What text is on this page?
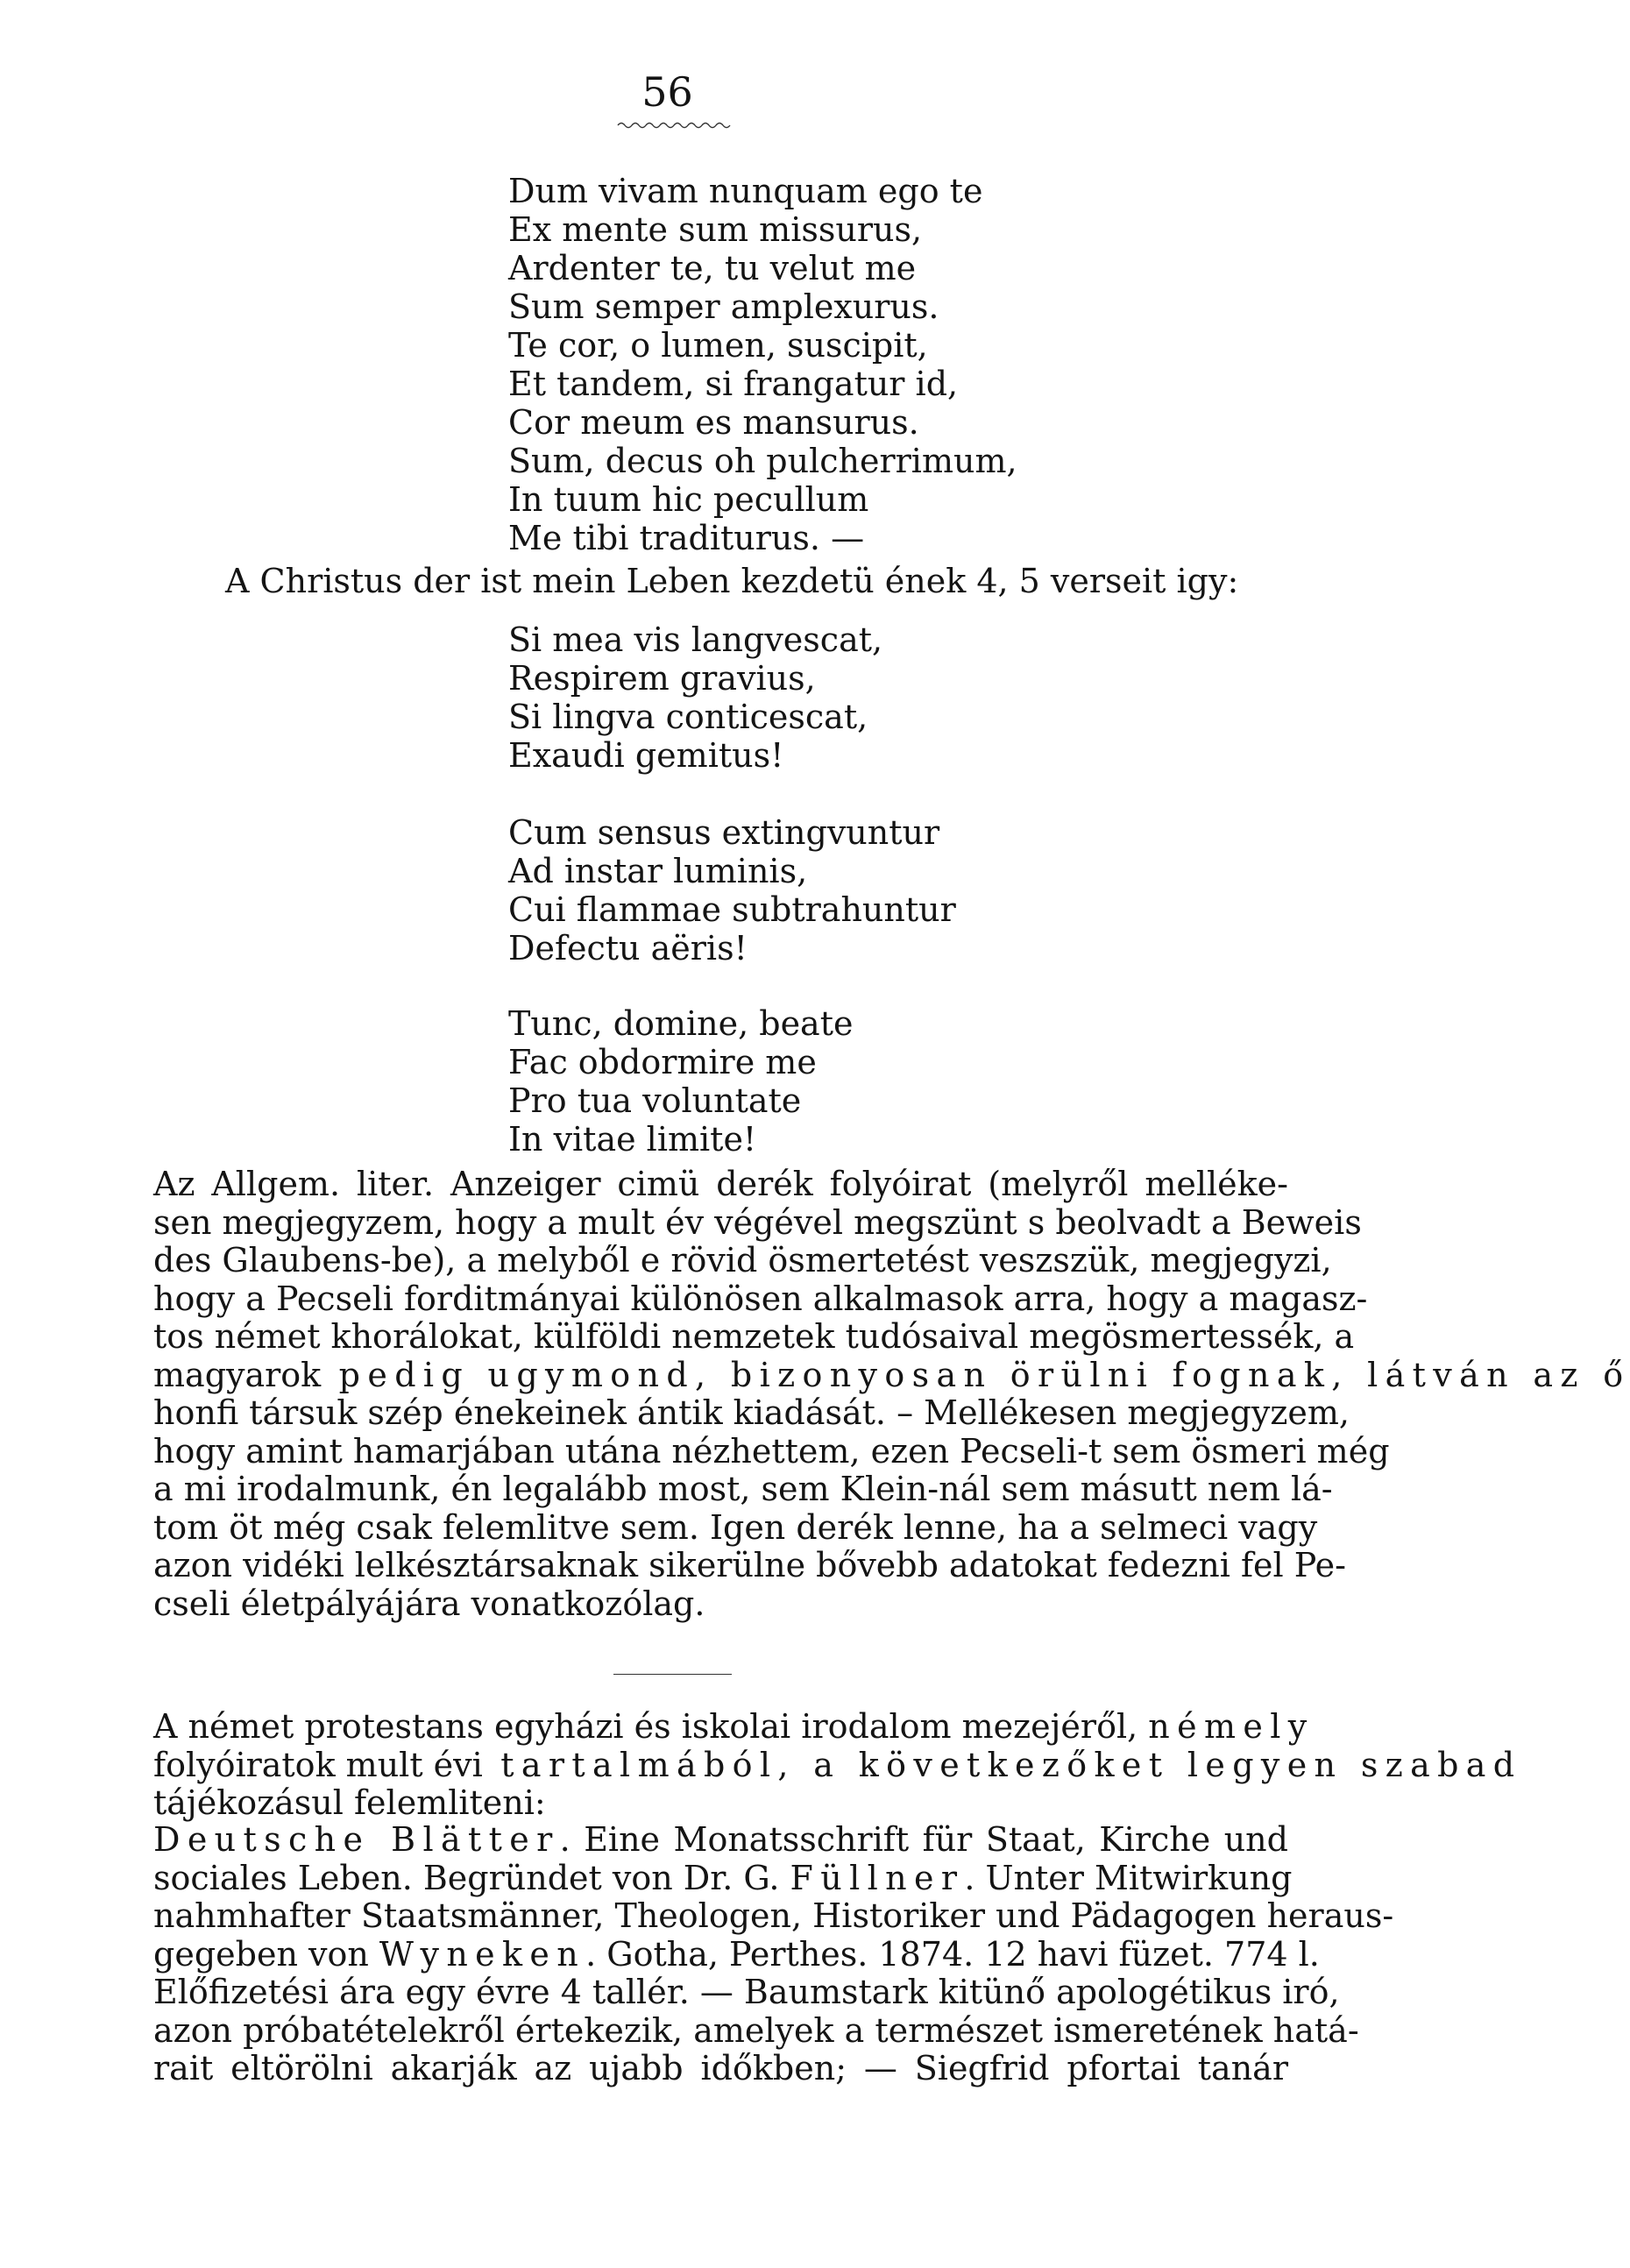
56
Dum vivam nunquam ego te
Ex mente sum missurus,
Ardenter te, tu velut me
Sum semper amplexurus.
Te cor, o lumen, suscipit,
Et tandem, si frangatur id,
Cor meum es mansurus.
Sum, decus oh pulcherrimum,
In tuum hic pecullum
Me tibi traditurus. —
A Christus der ist mein Leben kezdetü ének 4, 5 verseit igy:
Si mea vis langvescat,
Respirem gravius,
Si lingva conticescat,
Exaudi gemitus!
Cum sensus extingvuntur
Ad instar luminis,
Cui flammae subtrahuntur
Defectu aëris!
Tunc, domine, beate
Fac obdormire me
Pro tua voluntate
In vitae limite!
Az Allgem. liter. Anzeiger cimü derék folyóirat (melyről melléke-
sen megjegyzem, hogy a mult év végével megszünt s beolvadt a Beweis
des Glaubens-be), a melyből e rövid ösmertetést veszszük, megjegyzi,
hogy a Pecseli forditmányai különösen alkalmasok arra, hogy a magasz-
tos német khorálokat, külföldi nemzetek tudósaival megösmertessék, a
magyarok pedig ugymond, bizonyosan örülni fognak, látván az ő
honfi társuk szép énekeinek ántik kiadását. – Mellékesen megjegyzem,
hogy amint hamarjában utána nézhettem, ezen Pecseli-t sem ösmeri még
a mi irodalmunk, én legalább most, sem Klein-nál sem másutt nem lá-
tom öt még csak felemlitve sem. Igen derék lenne, ha a selmeci vagy
azon vidéki lelkésztársaknak sikerülne bővebb adatokat fedezni fel Pe-
cseli életpályájára vonatkozólag.
A német protestans egyházi és iskolai irodalom mezejéről, némely
folyóiratok mult évi tartalmából, a következőket legyen szabad
tájékozásul felemliteni:
Deutsche Blätter. Eine Monatsschrift für Staat, Kirche und
sociales Leben. Begründet von Dr. G. Füllner. Unter Mitwirkung
nahmhafter Staatsmänner, Theologen, Historiker und Pädagogen heraus-
gegeben von Wyneken. Gotha, Perthes. 1874. 12 havi füzet. 774 l.
Előfizetési ára egy évre 4 tallér. — Baumstark kitünő apologétikus iró,
azon próbatételekről értekezik, amelyek a természet ismeretének hatá-
rait eltörölni akarják az ujabb időkben; — Siegfrid pfortai tanár
